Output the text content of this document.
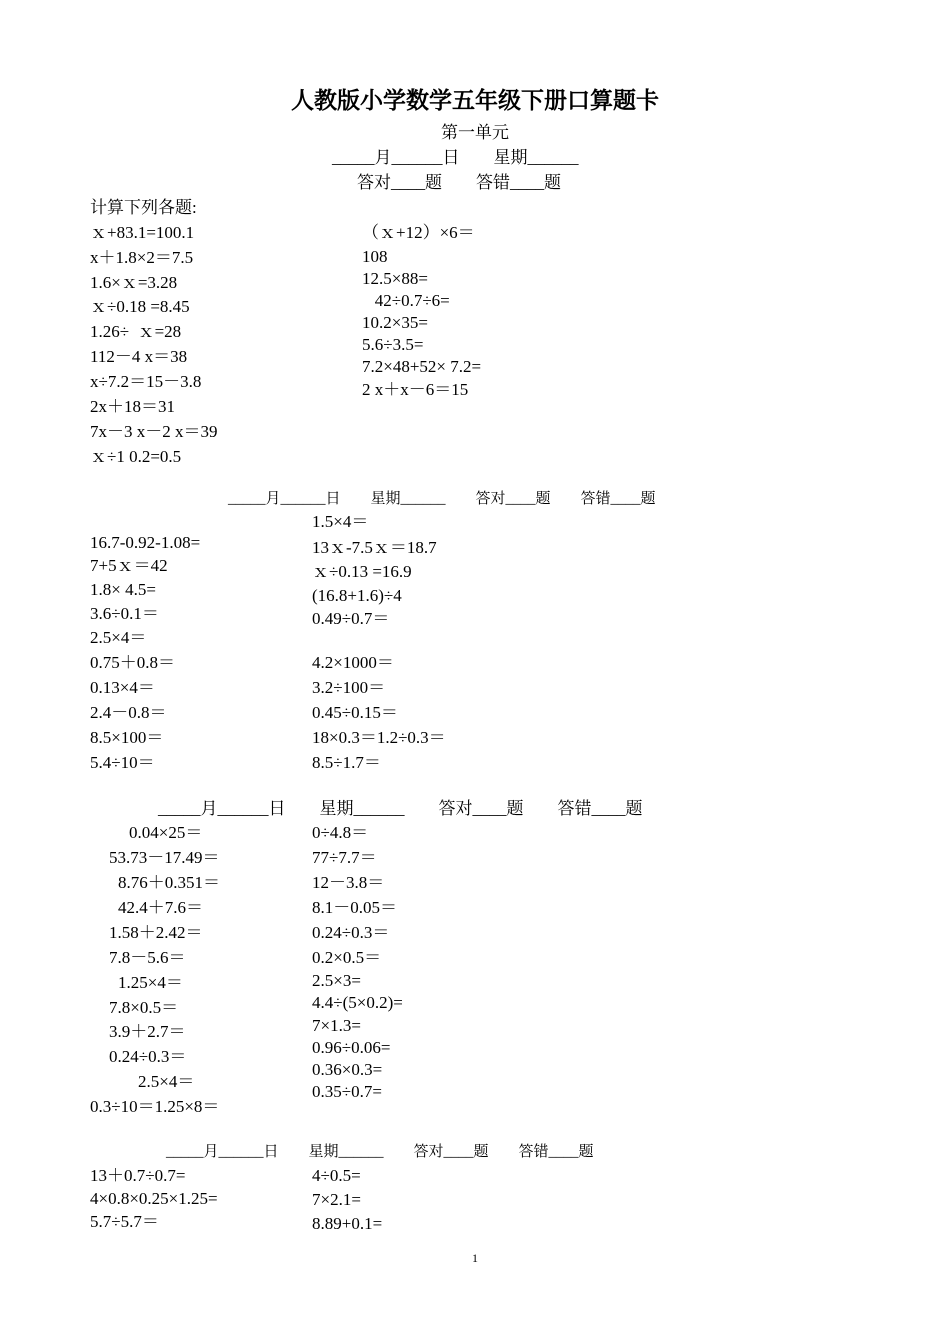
人教版小学数学五年级下册口算题卡
第一单元
_____月______日        星期______
答对____题        答错____题
计算下列各题:
ｘ+83.1=100.1
x＋1.8×2＝7.5
1.6×ｘ=3.28
ｘ÷0.18 =8.45
1.26÷  ｘ=28
112－4 x＝38
x÷7.2＝15－3.8
2x＋18＝31
7x－3 x－2 x＝39
ｘ÷1 0.2=0.5
（ｘ+12）×6＝
108
12.5×88=
42÷0.7÷6=
10.2×35=
5.6÷3.5=
7.2×48+52× 7.2=
2 x＋x－6＝15
_____月______日        星期______        答对____题        答错____题
16.7-0.92-1.08=
7+5ｘ＝42
1.8× 4.5=
3.6÷0.1＝
2.5×4＝
0.75＋0.8＝
0.13×4＝
2.4－0.8＝
8.5×100＝
5.4÷10＝
1.5×4＝
13ｘ-7.5ｘ＝18.7
ｘ÷0.13 =16.9
(16.8+1.6)÷4
0.49÷0.7＝
4.2×1000＝
3.2÷100＝
0.45÷0.15＝
18×0.3＝1.2÷0.3＝
8.5÷1.7＝
_____月______日        星期______        答对____题        答错____题
0.04×25＝
53.73－17.49＝
8.76＋0.351＝
42.4＋7.6＝
1.58＋2.42＝
7.8－5.6＝
1.25×4＝
7.8×0.5＝
3.9＋2.7＝
0.24÷0.3＝
2.5×4＝
0.3÷10＝1.25×8＝
0÷4.8＝
77÷7.7＝
12－3.8＝
8.1－0.05＝
0.24÷0.3＝
0.2×0.5＝
2.5×3=
4.4÷(5×0.2)=
7×1.3=
0.96÷0.06=
0.36×0.3=
0.35÷0.7=
_____月______日        星期______        答对____题        答错____题
13＋0.7÷0.7=
4×0.8×0.25×1.25=
5.7÷5.7＝
4÷0.5=
7×2.1=
8.89+0.1=
1
